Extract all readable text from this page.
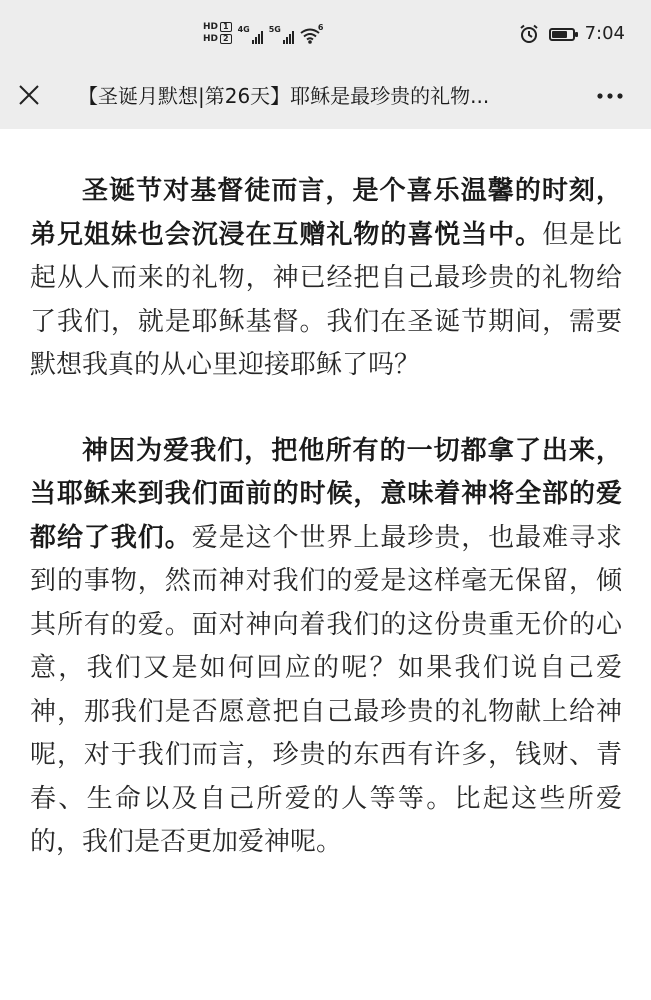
HD 1
HD 2
4G 5G	6	7:04
【圣诞月默想|第26天】耶稣是最珍贵的礼物...

圣诞节对基督徒而言，是个喜乐温馨的时刻，弟兄姐妹也会沉浸在互赠礼物的喜悦当中。但是比起从人而来的礼物，神已经把自己最珍贵的礼物给了我们，就是耶稣基督。我们在圣诞节期间，需要默想我真的从心里迎接耶稣了吗？

神因为爱我们，把他所有的一切都拿了出来，当耶稣来到我们面前的时候，意味着神将全部的爱都给了我们。爱是这个世界上最珍贵，也最难寻求到的事物，然而神对我们的爱是这样毫无保留，倾其所有的爱。面对神向着我们的这份贵重无价的心意，我们又是如何回应的呢？如果我们说自己爱神，那我们是否愿意把自己最珍贵的礼物献上给神呢，对于我们而言，珍贵的东西有许多，钱财、青春、生命以及自己所爱的人等等。比起这些所爱的，我们是否更加爱神呢。
